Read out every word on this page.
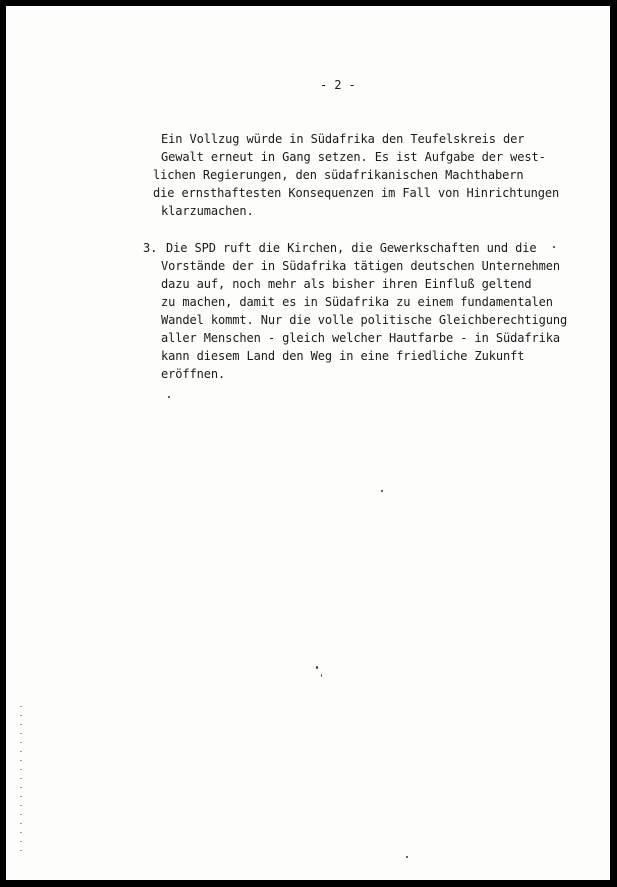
- 2 -
Ein Vollzug würde in Südafrika den Teufelskreis der
Gewalt erneut in Gang setzen. Es ist Aufgabe der west-
lichen Regierungen, den südafrikanischen Machthabern
die ernsthaftesten Konsequenzen im Fall von Hinrichtungen
klarzumachen.
3. Die SPD ruft die Kirchen, die Gewerkschaften und die
Vorstände der in Südafrika tätigen deutschen Unternehmen
dazu auf, noch mehr als bisher ihren Einfluß geltend
zu machen, damit es in Südafrika zu einem fundamentalen
Wandel kommt. Nur die volle politische Gleichberechtigung
aller Menschen - gleich welcher Hautfarbe - in Südafrika
kann diesem Land den Weg in eine friedliche Zukunft
eröffnen.
